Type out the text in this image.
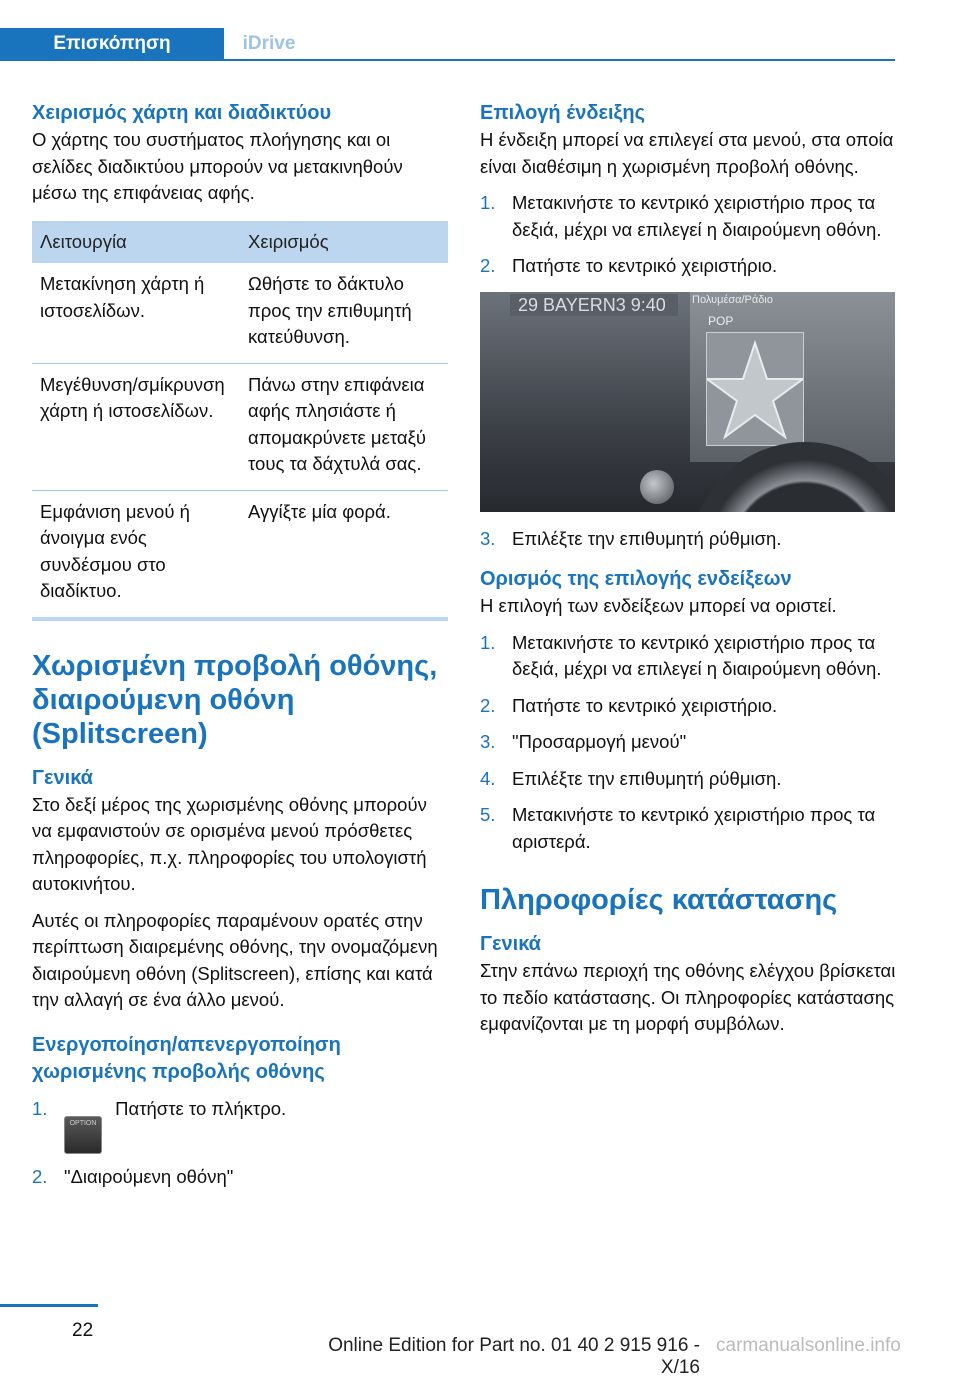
Επισκόπηση	iDrive
Χειρισμός χάρτη και διαδικτύου

Ο χάρτης του συστήματος πλοήγησης και οι σελίδες διαδικτύου μπορούν να μετακινηθούν μέσω της επιφάνειας αφής.

Λειτουργία	Χειρισμός
Μετακίνηση χάρτη ή ιστοσελίδων.	Ωθήστε το δάκτυλο προς την επιθυμητή κατεύθυνση.
Μεγέθυνση/σμίκρυνση χάρτη ή ιστοσελίδων.	Πάνω στην επιφάνεια αφής πλησιάστε ή απομακρύνετε μεταξύ τους τα δάχτυλά σας.
Εμφάνιση μενού ή άνοιγμα ενός συνδέσμου στο διαδίκτυο.	Αγγίξτε μία φορά.
Χωρισμένη προβολή οθόνης, διαιρούμενη οθόνη (Splitscreen)
Γενικά

Στο δεξί μέρος της χωρισμένης οθόνης μπορούν να εμφανιστούν σε ορισμένα μενού πρόσθετες πληροφορίες, π.χ. πληροφορίες του υπολογιστή αυτοκινήτου.

Αυτές οι πληροφορίες παραμένουν ορατές στην περίπτωση διαιρεμένης οθόνης, την ονομαζόμενη διαιρούμενη οθόνη (Splitscreen), επίσης και κατά την αλλαγή σε ένα άλλο μενού.

Ενεργοποίηση/απενεργοποίηση χωρισμένης προβολής οθόνης
1.
OPTION Πατήστε το πλήκτρο.
2. "Διαιρούμενη οθόνη"
Επιλογή ένδειξης

Η ένδειξη μπορεί να επιλεγεί στα μενού, στα οποία είναι διαθέσιμη η χωρισμένη προβολή οθόνης.

1. Μετακινήστε το κεντρικό χειριστήριο προς τα δεξιά, μέχρι να επιλεγεί η διαιρούμενη οθόνη.
2. Πατήστε το κεντρικό χειριστήριο.
29 BAYERN3 9:40	Πολυμέσα/Ράδιο
POP
3. Επιλέξτε την επιθυμητή ρύθμιση.
Ορισμός της επιλογής ενδείξεων

Η επιλογή των ενδείξεων μπορεί να οριστεί.

1. Μετακινήστε το κεντρικό χειριστήριο προς τα δεξιά, μέχρι να επιλεγεί η διαιρούμενη οθόνη.
2. Πατήστε το κεντρικό χειριστήριο.
3. "Προσαρμογή μενού"
4. Επιλέξτε την επιθυμητή ρύθμιση.
5. Μετακινήστε το κεντρικό χειριστήριο προς τα αριστερά.
Πληροφορίες κατάστασης
Γενικά

Στην επάνω περιοχή της οθόνης ελέγχου βρίσκεται το πεδίο κατάστασης. Οι πληροφορίες κατάστασης εμφανίζονται με τη μορφή συμβόλων.

22
Online Edition for Part no. 01 40 2 915 916 - X/16
carmanualsonline.info
